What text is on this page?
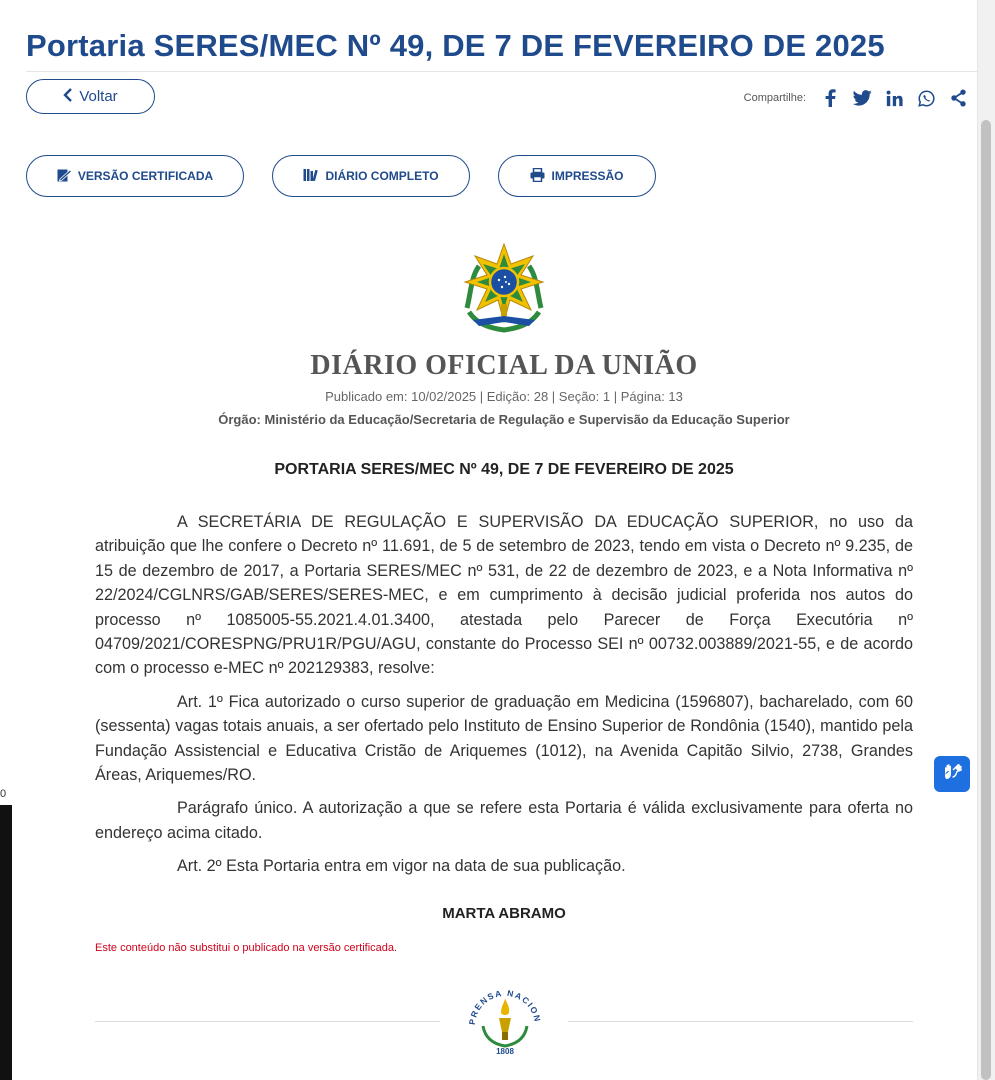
Portaria SERES/MEC Nº 49, DE 7 DE FEVEREIRO DE 2025
Voltar	Compartilhe:
VERSÃO CERTIFICADA	DIÁRIO COMPLETO	IMPRESSÃO
DIÁRIO OFICIAL DA UNIÃO
Publicado em: 10/02/2025 | Edição: 28 | Seção: 1 | Página: 13
Órgão: Ministério da Educação/Secretaria de Regulação e Supervisão da Educação Superior
PORTARIA SERES/MEC Nº 49, DE 7 DE FEVEREIRO DE 2025

A SECRETÁRIA DE REGULAÇÃO E SUPERVISÃO DA EDUCAÇÃO SUPERIOR, no uso da atribuição que lhe confere o Decreto nº 11.691, de 5 de setembro de 2023, tendo em vista o Decreto nº 9.235, de 15 de dezembro de 2017, a Portaria SERES/MEC nº 531, de 22 de dezembro de 2023, e a Nota Informativa nº 22/2024/CGLNRS/GAB/SERES/SERES-MEC, e em cumprimento à decisão judicial proferida nos autos do processo nº 1085005-55.2021.4.01.3400, atestada pelo Parecer de Força Executória nº 04709/2021/CORESPNG/PRU1R/PGU/AGU, constante do Processo SEI nº 00732.003889/2021-55, e de acordo com o processo e-MEC nº 202129383, resolve:

Art. 1º Fica autorizado o curso superior de graduação em Medicina (1596807), bacharelado, com 60 (sessenta) vagas totais anuais, a ser ofertado pelo Instituto de Ensino Superior de Rondônia (1540), mantido pela Fundação Assistencial e Educativa Cristão de Ariquemes (1012), na Avenida Capitão Silvio, 2738, Grandes Áreas, Ariquemes/RO.

Parágrafo único. A autorização a que se refere esta Portaria é válida exclusivamente para oferta no endereço acima citado.

Art. 2º Esta Portaria entra em vigor na data de sua publicação.

MARTA ABRAMO
Este conteúdo não substitui o publicado na versão certificada.
PRENSA NACION
1808
0
